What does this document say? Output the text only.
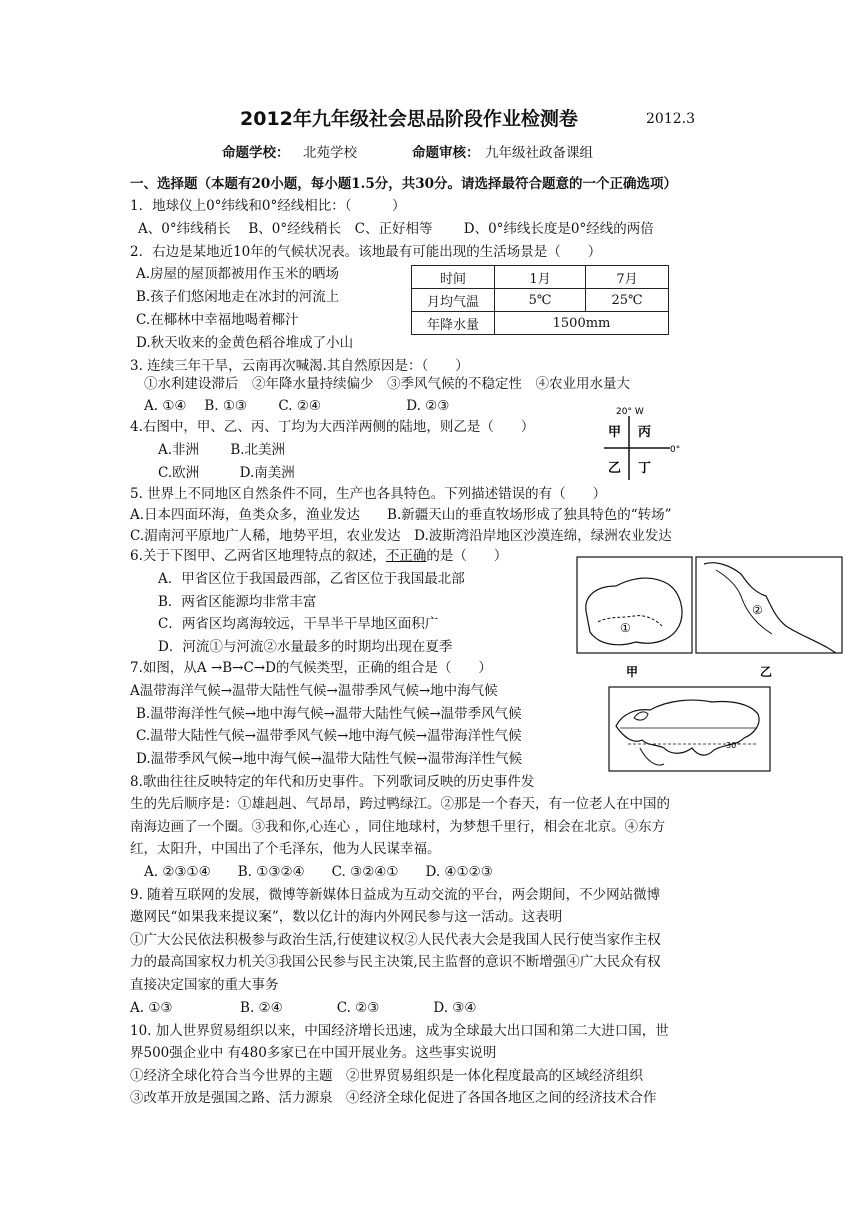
2012年九年级社会思品阶段作业检测卷	2012.3
命题学校： 北苑学校	命题审核： 九年级社政备课组
一、选择题（本题有20小题，每小题1.5分，共30分。请选择最符合题意的一个正确选项）
1．地球仪上0°纬线和0°经线相比：（　　　）
A、0°纬线稍长　 B、0°经线稍长　C、正好相等　　 D、0°纬线长度是0°经线的两倍
2．右边是某地近10年的气候状况表。该地最有可能出现的生活场景是（　　）
A.房屋的屋顶都被用作玉米的晒场
B.孩子们悠闲地走在冰封的河流上
C.在椰林中幸福地喝着椰汁
D.秋天收来的金黄色稻谷堆成了小山
时间	1月	7月
月均气温	5℃	25℃
年降水量	1500mm	
3. 连续三年干旱，云南再次喊渴.其自然原因是：（　　）
①水利建设滞后　②年降水量持续偏少　③季风气候的不稳定性　④农业用水量大
A. ①④　 B. ①③　　 C. ②④　　　　　　 D. ②③
4.右图中，甲、乙、丙、丁均为大西洋两侧的陆地，则乙是（　　）
A.非洲　　 B.北美洲
C.欧洲　　　D.南美洲
20° W
0°
甲 丙
乙 丁
5. 世界上不同地区自然条件不同，生产也各具特色。下列描述错误的有（　　）
A.日本四面环海，鱼类众多，渔业发达　　B.新疆天山的垂直牧场形成了独具特色的“转场”
C.湄南河平原地广人稀，地势平坦，农业发达　D.波斯湾沿岸地区沙漠连绵，绿洲农业发达
6.关于下图甲、乙两省区地理特点的叙述，不正确的是（　　）
A．甲省区位于我国最西部，乙省区位于我国最北部
B．两省区能源均非常丰富
C．两省区均离海较远，干旱半干旱地区面积广
D．河流①与河流②水量最多的时期均出现在夏季
①
甲
②
乙
7.如图，从A →B→C→D的气候类型，正确的组合是（　　）
A温带海洋气候→温带大陆性气候→温带季风气候→地中海气候
B.温带海洋性气候→地中海气候→温带大陆性气候→温带季风气候
C.温带大陆性气候→温带季风气候→地中海气候→温带海洋性气候
D.温带季风气候→地中海气候→温带大陆性气候→温带海洋性气候
30°
8.歌曲往往反映特定的年代和历史事件。下列歌词反映的历史事件发
生的先后顺序是：①雄赳赳、气昂昂，跨过鸭绿江。②那是一个春天，有一位老人在中国的
南海边画了一个圈。③我和你,心连心 ，同住地球村，为梦想千里行，相会在北京。④东方
红，太阳升，中国出了个毛泽东，他为人民谋幸福。
A. ②③①④　　B. ①③②④　　C. ③②④①　　D. ④①②③
9. 随着互联网的发展，微博等新媒体日益成为互动交流的平台，两会期间，不少网站微博
邀网民“如果我来提议案”，数以亿计的海内外网民参与这一活动。这表明
①广大公民依法积极参与政治生活,行使建议权②人民代表大会是我国人民行使当家作主权
力的最高国家权力机关③我国公民参与民主决策,民主监督的意识不断增强④广大民众有权
直接决定国家的重大事务
A. ①③　　　　　B. ②④　　　　C. ②③　　　　D. ③④
10. 加人世界贸易组织以来，中国经济增长迅速，成为全球最大出口国和第二大进口国，世
界500强企业中 有480多家已在中国开展业务。这些事实说明
①经济全球化符合当今世界的主题　②世界贸易组织是一体化程度最高的区域经济组织
③改革开放是强国之路、活力源泉　④经济全球化促进了各国各地区之间的经济技术合作
